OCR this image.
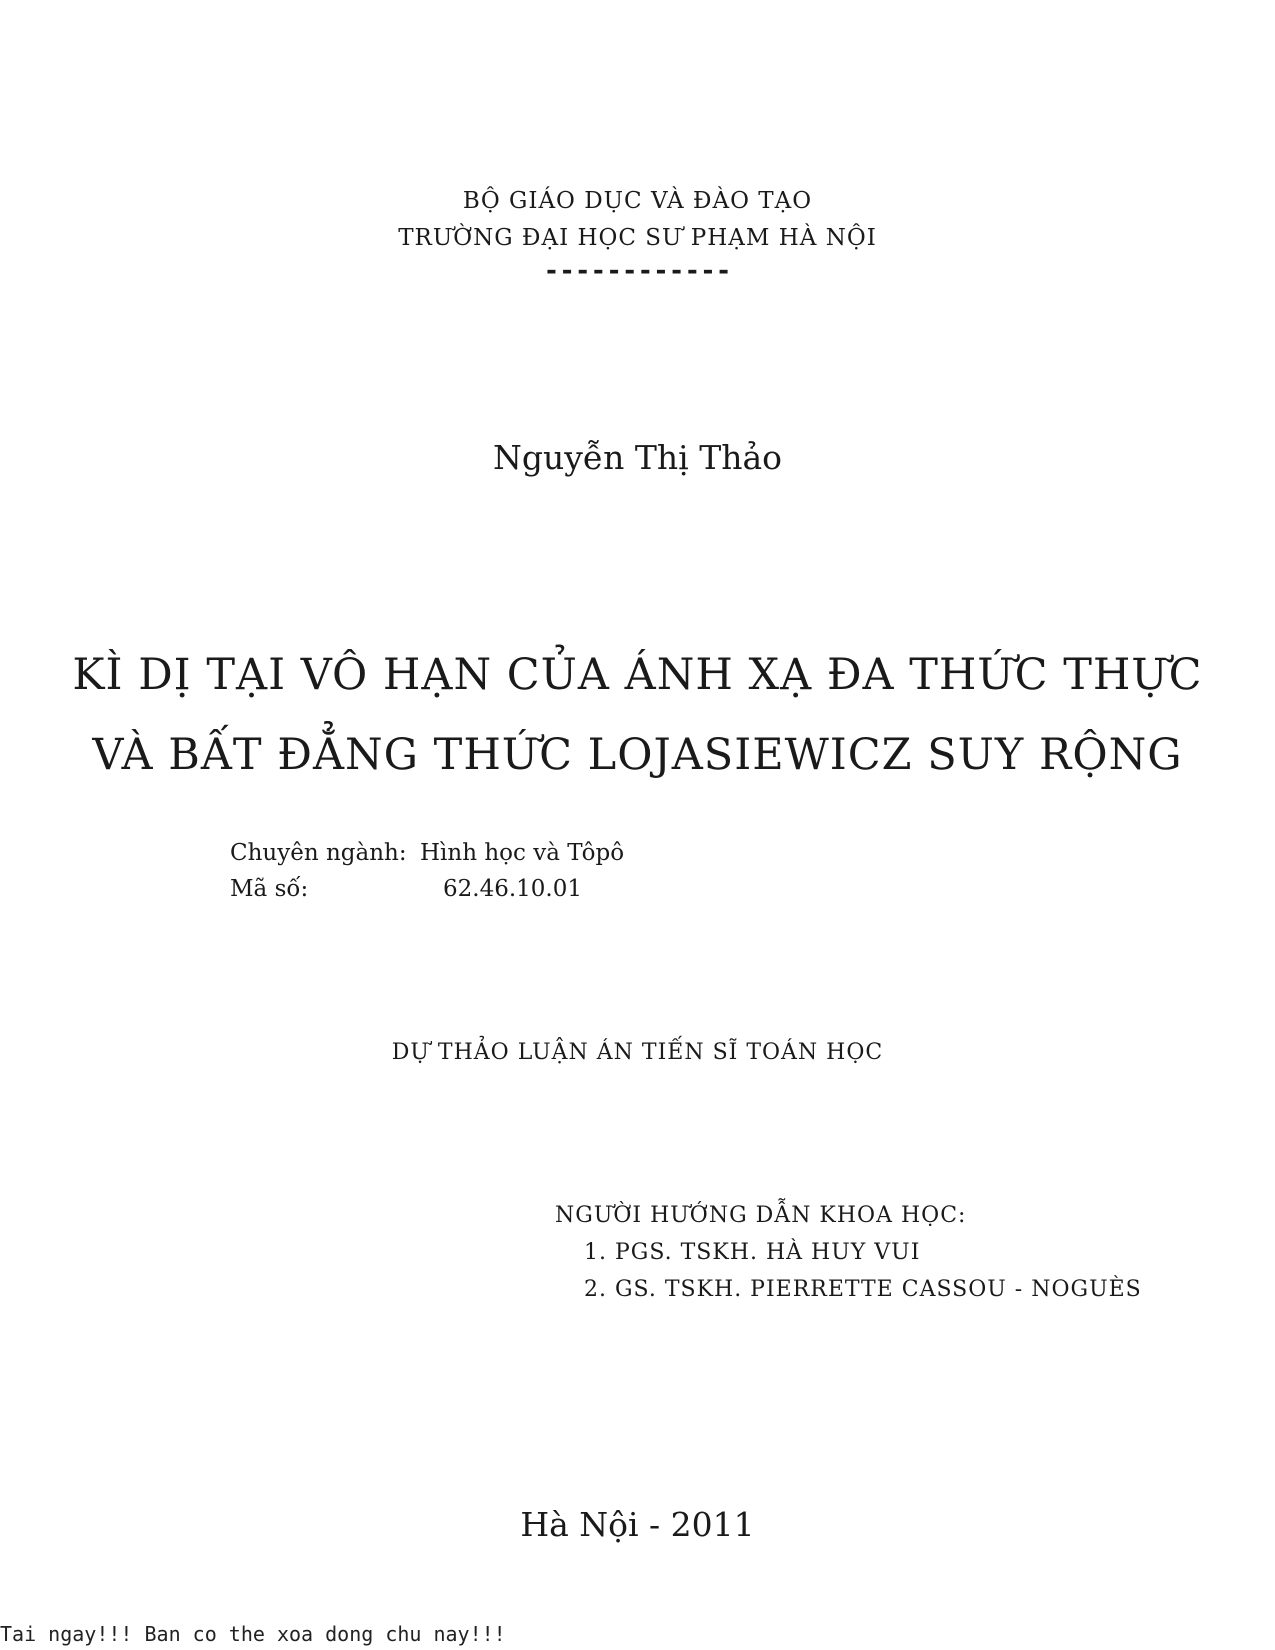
BỘ GIÁO DỤC VÀ ĐÀO TẠO
TRƯỜNG ĐẠI HỌC SƯ PHẠM HÀ NỘI
------------
Nguyễn Thị Thảo
KÌ DỊ TẠI VÔ HẠN CỦA ÁNH XẠ ĐA THỨC THỰC
VÀ BẤT ĐẲNG THỨC LOJASIEWICZ SUY RỘNG
Chuyên ngành: Hình học và Tôpô
Mã số:	62.46.10.01
DỰ THẢO LUẬN ÁN TIẾN SĨ TOÁN HỌC
NGƯỜI HƯỚNG DẪN KHOA HỌC:
1. PGS. TSKH. HÀ HUY VUI
2. GS. TSKH. PIERRETTE CASSOU - NOGUÈS
Hà Nội - 2011
Tai ngay!!! Ban co the xoa dong chu nay!!!
